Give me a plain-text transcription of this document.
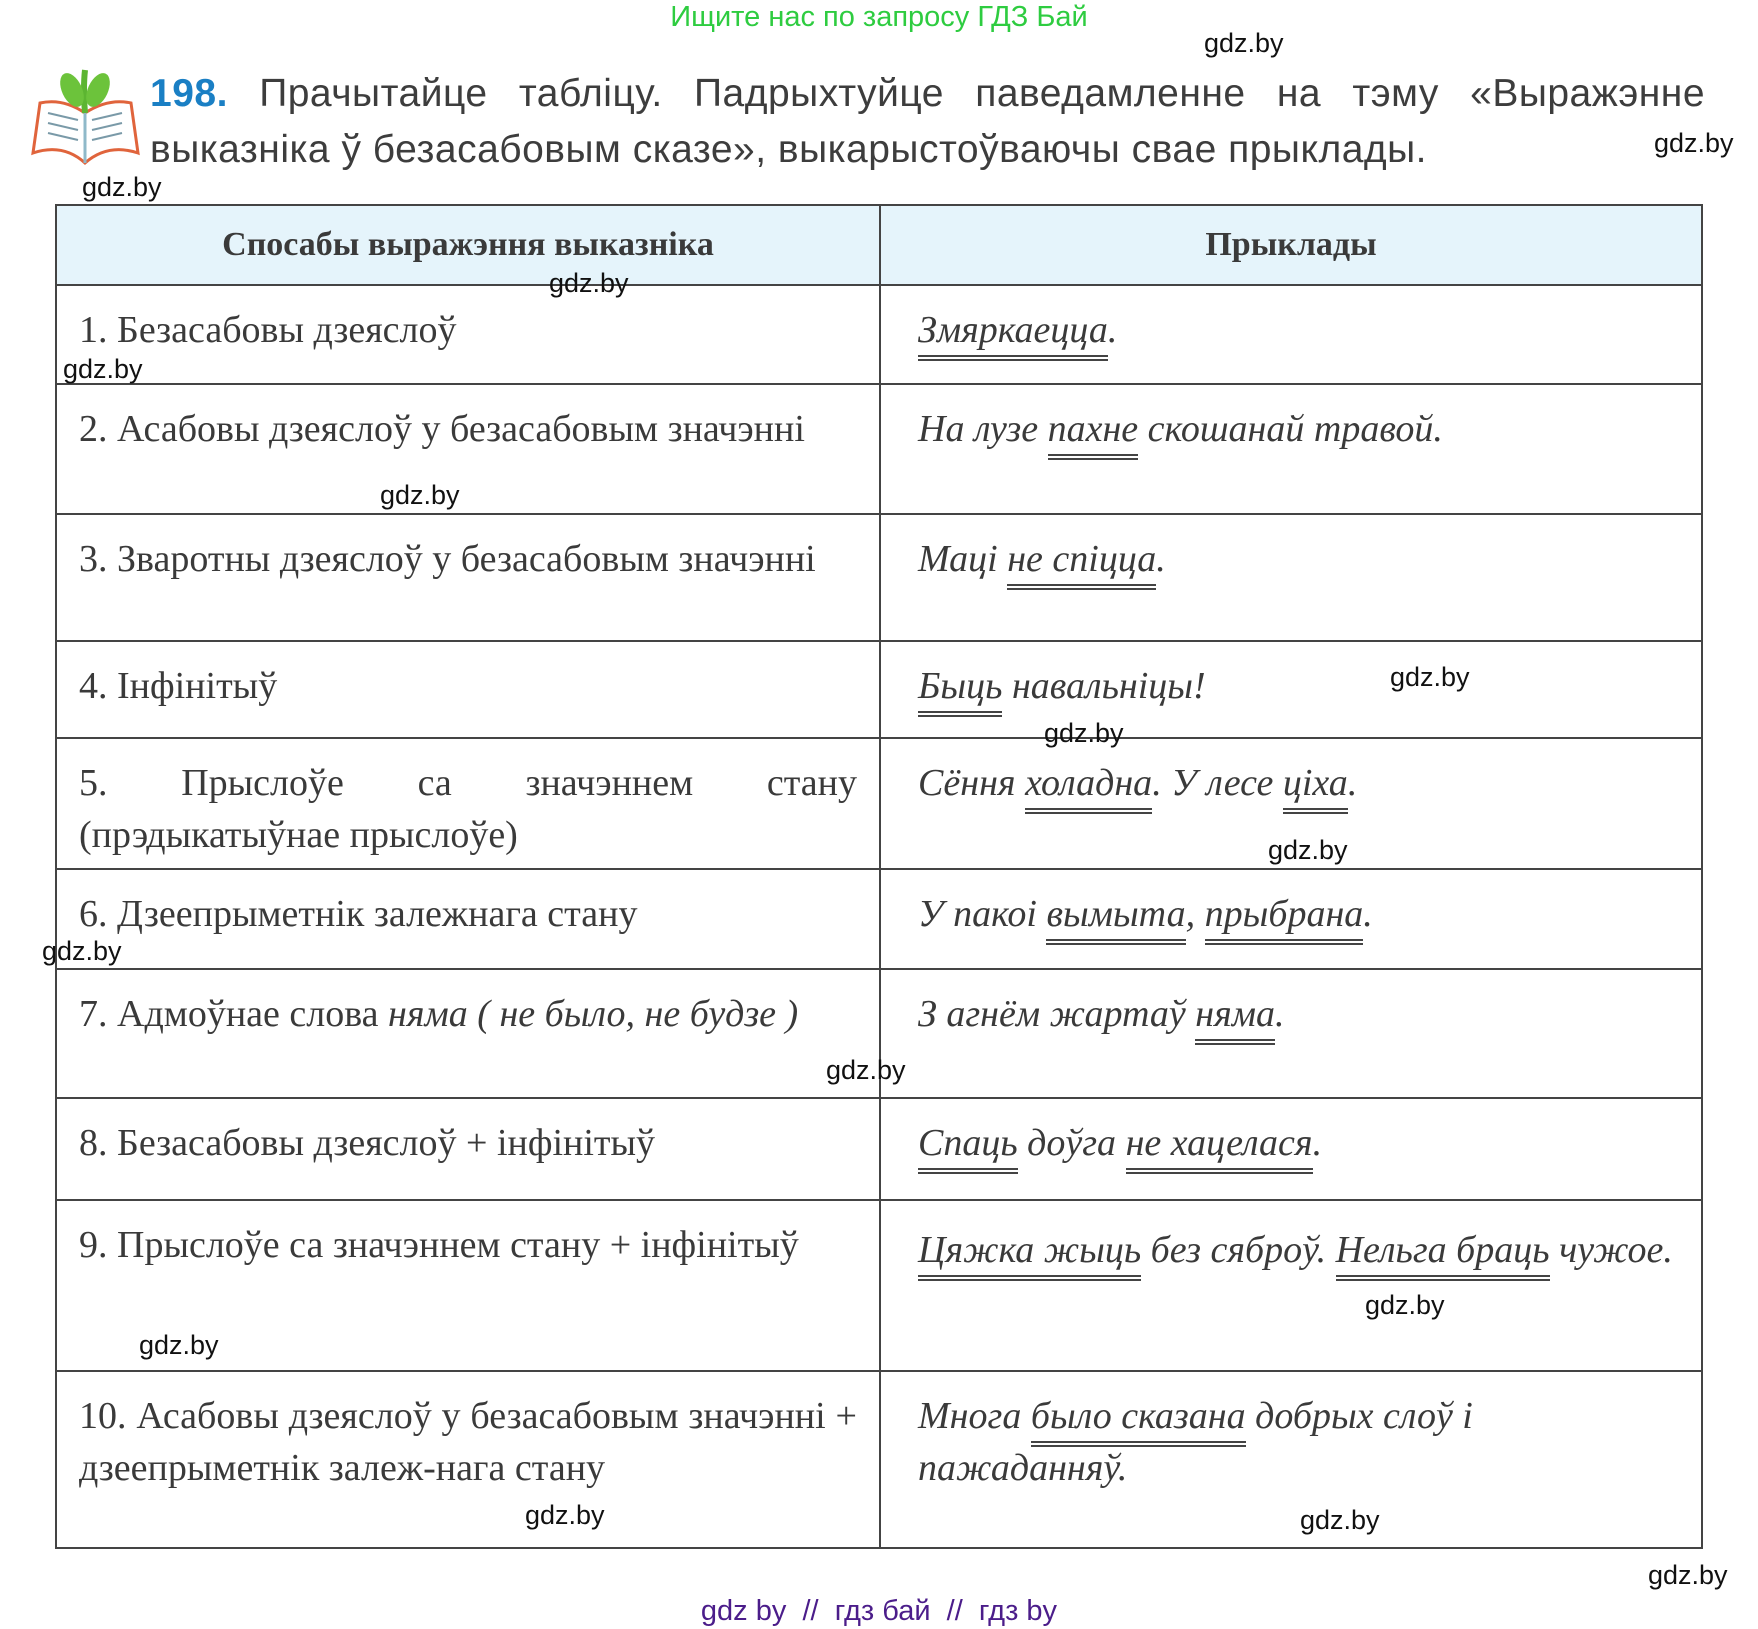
Ищите нас по запросу ГДЗ Бай
198. Прачытайце табліцу. Падрыхтуйце паведамленне на тэму «Выражэнне выказніка ў безасабовым сказе», выкарыстоўваючы свае прыклады.
Спосабы выражэння выказніка	Прыклады
1. Безасабовы дзеяслоў	Змяркаецца.
2. Асабовы дзеяслоў у безасабовым значэнні	На лузе пахне скошанай травой.
3. Зваротны дзеяслоў у безасабовым значэнні	Маці не спіцца.
4. Інфінітыў	Быць навальніцы!
5. Прыслоўе са значэннем стану (прэдыкатыўнае прыслоўе)	Сёння холадна. У лесе ціха.
6. Дзеепрыметнік залежнага стану	У пакоі вымыта, прыбрана.
7. Адмоўнае слова няма ( не было, не будзе )	З агнём жартаў няма.
8. Безасабовы дзеяслоў + інфінітыў	Спаць доўга не хацелася.
9. Прыслоўе са значэннем стану + інфінітыў	Цяжка жыць без сяброў. Нельга браць чужое.
10. Асабовы дзеяслоў у безасабовым значэнні + дзеепрыметнік залеж-нага стану	Многа было сказана добрых слоў і пажаданняў.
gdz.by
gdz.by
gdz.by
gdz.by
gdz.by
gdz.by
gdz.by
gdz.by
gdz.by
gdz.by
gdz.by
gdz.by
gdz.by
gdz.by
gdz.by
gdz.by
gdz by  //  гдз бай  //  гдз by
